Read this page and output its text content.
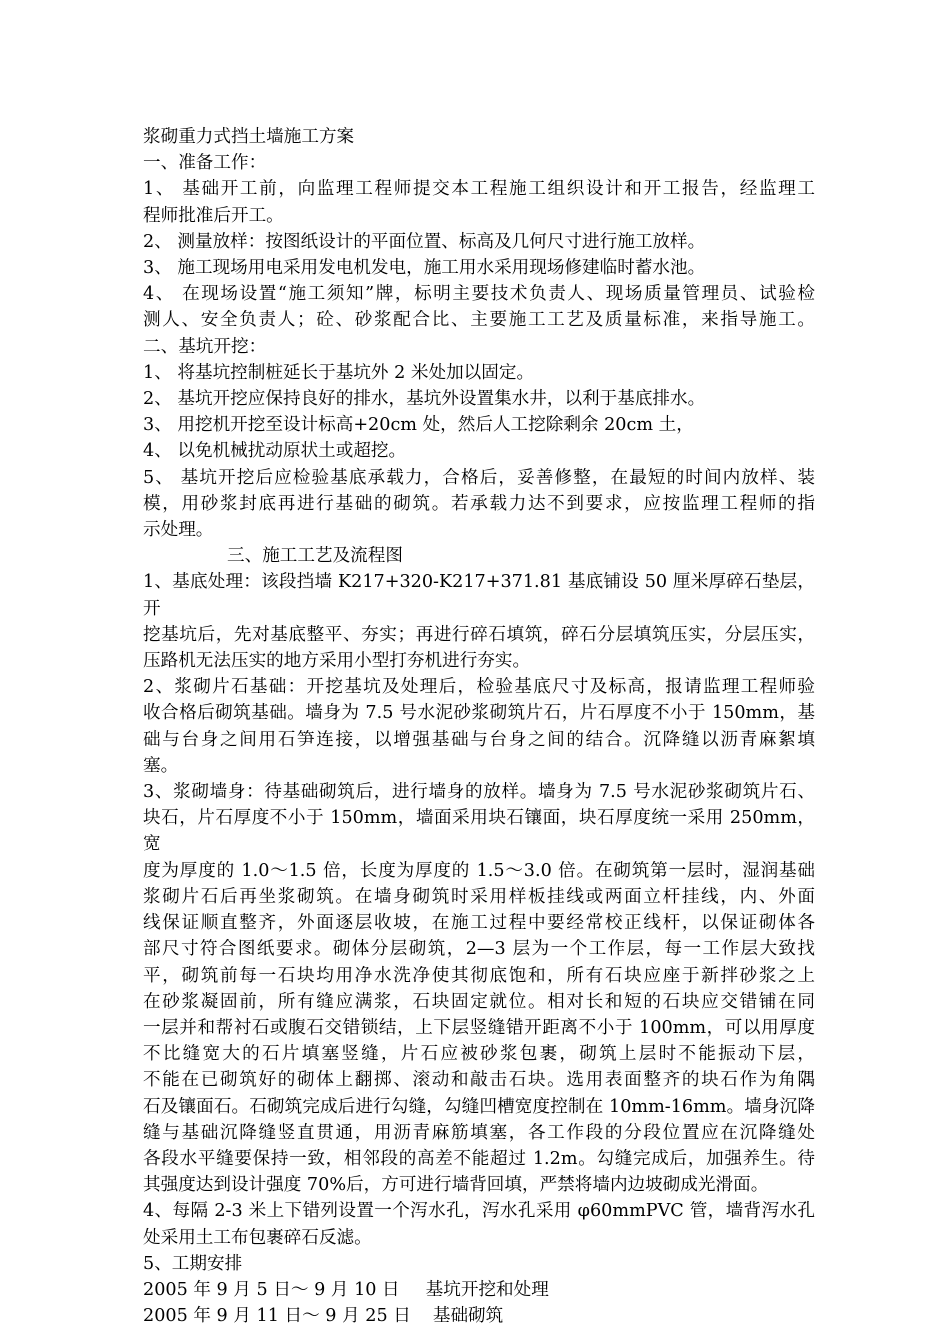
浆砌重力式挡土墙施工方案
一、准备工作：
1、 基础开工前，向监理工程师提交本工程施工组织设计和开工报告，经监理工
程师批准后开工。
2、 测量放样：按图纸设计的平面位置、标高及几何尺寸进行施工放样。
3、 施工现场用电采用发电机发电，施工用水采用现场修建临时蓄水池。
4、 在现场设置“施工须知”牌，标明主要技术负责人、现场质量管理员、试验检
测人、安全负责人；砼、砂浆配合比、主要施工工艺及质量标准，来指导施工。
二、基坑开挖：
1、 将基坑控制桩延长于基坑外 2 米处加以固定。
2、 基坑开挖应保持良好的排水，基坑外设置集水井，以利于基底排水。
3、 用挖机开挖至设计标高+20cm 处，然后人工挖除剩余 20cm 土，
4、 以免机械扰动原状土或超挖。
5、 基坑开挖后应检验基底承载力，合格后，妥善修整，在最短的时间内放样、装
模，用砂浆封底再进行基础的砌筑。若承载力达不到要求，应按监理工程师的指
示处理。
三、施工工艺及流程图
1、基底处理：该段挡墙 K217+320-K217+371.81 基底铺设 50 厘米厚碎石垫层，开
挖基坑后，先对基底整平、夯实；再进行碎石填筑，碎石分层填筑压实，分层压实，
压路机无法压实的地方采用小型打夯机进行夯实。
2、浆砌片石基础：开挖基坑及处理后，检验基底尺寸及标高，报请监理工程师验
收合格后砌筑基础。墙身为 7.5 号水泥砂浆砌筑片石，片石厚度不小于 150mm，基
础与台身之间用石笋连接，以增强基础与台身之间的结合。沉降缝以沥青麻絮填
塞。
3、浆砌墙身：待基础砌筑后，进行墙身的放样。墙身为 7.5 号水泥砂浆砌筑片石、
块石，片石厚度不小于 150mm，墙面采用块石镶面，块石厚度统一采用 250mm，宽
度为厚度的 1.0～1.5 倍，长度为厚度的 1.5～3.0 倍。在砌筑第一层时，湿润基础
浆砌片石后再坐浆砌筑。在墙身砌筑时采用样板挂线或两面立杆挂线，内、外面
线保证顺直整齐，外面逐层收坡，在施工过程中要经常校正线杆，以保证砌体各
部尺寸符合图纸要求。砌体分层砌筑，2—3 层为一个工作层，每一工作层大致找
平，砌筑前每一石块均用净水洗净使其彻底饱和，所有石块应座于新拌砂浆之上
在砂浆凝固前，所有缝应满浆，石块固定就位。相对长和短的石块应交错铺在同
一层并和帮衬石或腹石交错锁结，上下层竖缝错开距离不小于 100mm，可以用厚度
不比缝宽大的石片填塞竖缝，片石应被砂浆包裹，砌筑上层时不能振动下层，
不能在已砌筑好的砌体上翻掷、滚动和敲击石块。选用表面整齐的块石作为角隅
石及镶面石。石砌筑完成后进行勾缝，勾缝凹槽宽度控制在 10mm-16mm。墙身沉降
缝与基础沉降缝竖直贯通，用沥青麻筋填塞，各工作段的分段位置应在沉降缝处
各段水平缝要保持一致，相邻段的高差不能超过 1.2m。勾缝完成后，加强养生。待
其强度达到设计强度 70%后，方可进行墙背回填，严禁将墙内边坡砌成光滑面。
4、每隔 2-3 米上下错列设置一个泻水孔，泻水孔采用 φ60mmPVC 管，墙背泻水孔
处采用土工布包裹碎石反滤。
5、工期安排
2005 年 9 月 5 日～ 9 月 10 日 基坑开挖和处理
2005 年 9 月 11 日～ 9 月 25 日 基础砌筑
